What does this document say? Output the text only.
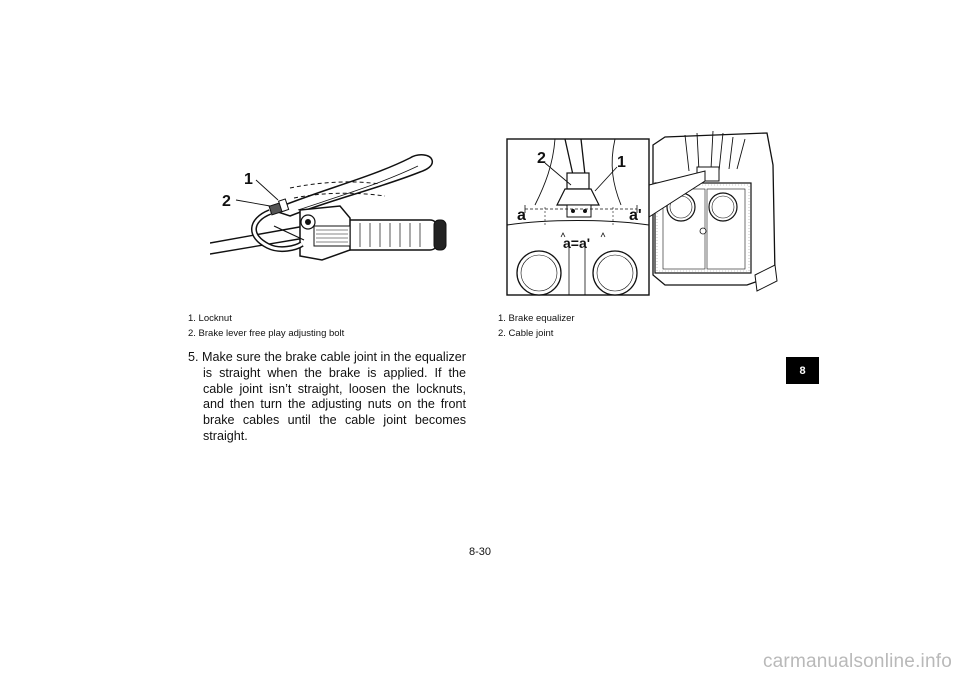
1
2
1. Locknut
2. Brake lever free play adjusting bolt
2	1
a	a'
a=a'
1. Brake equalizer
2. Cable joint
5. Make sure the brake cable joint in the equalizer is straight when the brake is applied. If the cable joint isn’t straight, loosen the locknuts, and then turn the adjusting nuts on the front brake cables until the cable joint becomes straight.
8
8-30
carmanualsonline.info
